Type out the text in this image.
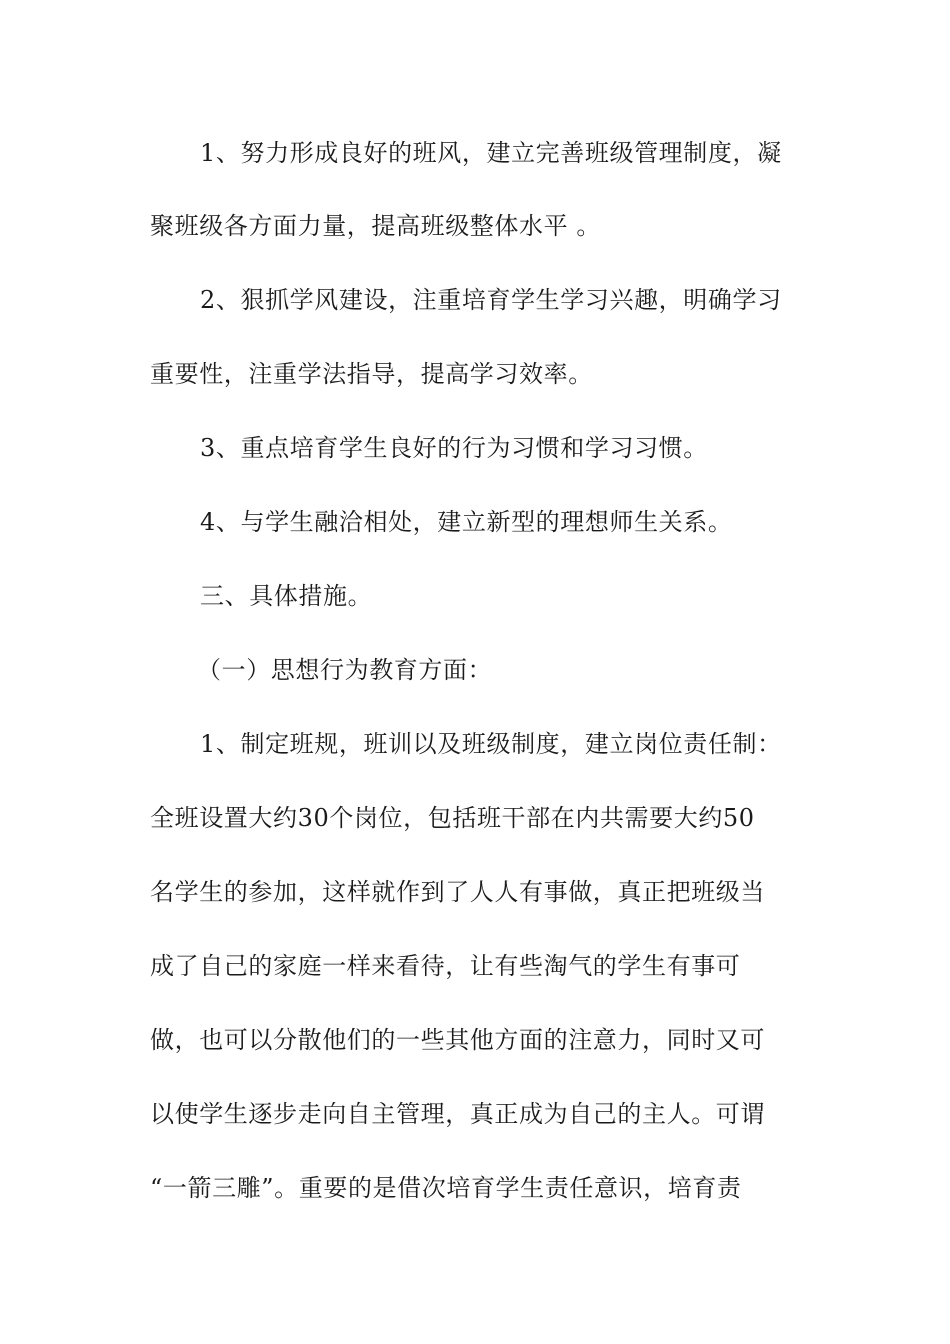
1、努力形成良好的班风，建立完善班级管理制度，凝
聚班级各方面力量，提高班级整体水平 。
2、狠抓学风建设，注重培育学生学习兴趣，明确学习
重要性，注重学法指导，提高学习效率。
3、重点培育学生良好的行为习惯和学习习惯。
4、与学生融洽相处，建立新型的理想师生关系。
三、具体措施。
（一）思想行为教育方面：
1、制定班规，班训以及班级制度，建立岗位责任制：
全班设置大约30个岗位，包括班干部在内共需要大约50
名学生的参加，这样就作到了人人有事做，真正把班级当
成了自己的家庭一样来看待，让有些淘气的学生有事可
做，也可以分散他们的一些其他方面的注意力，同时又可
以使学生逐步走向自主管理，真正成为自己的主人。可谓
“一箭三雕”。重要的是借次培育学生责任意识，培育责
